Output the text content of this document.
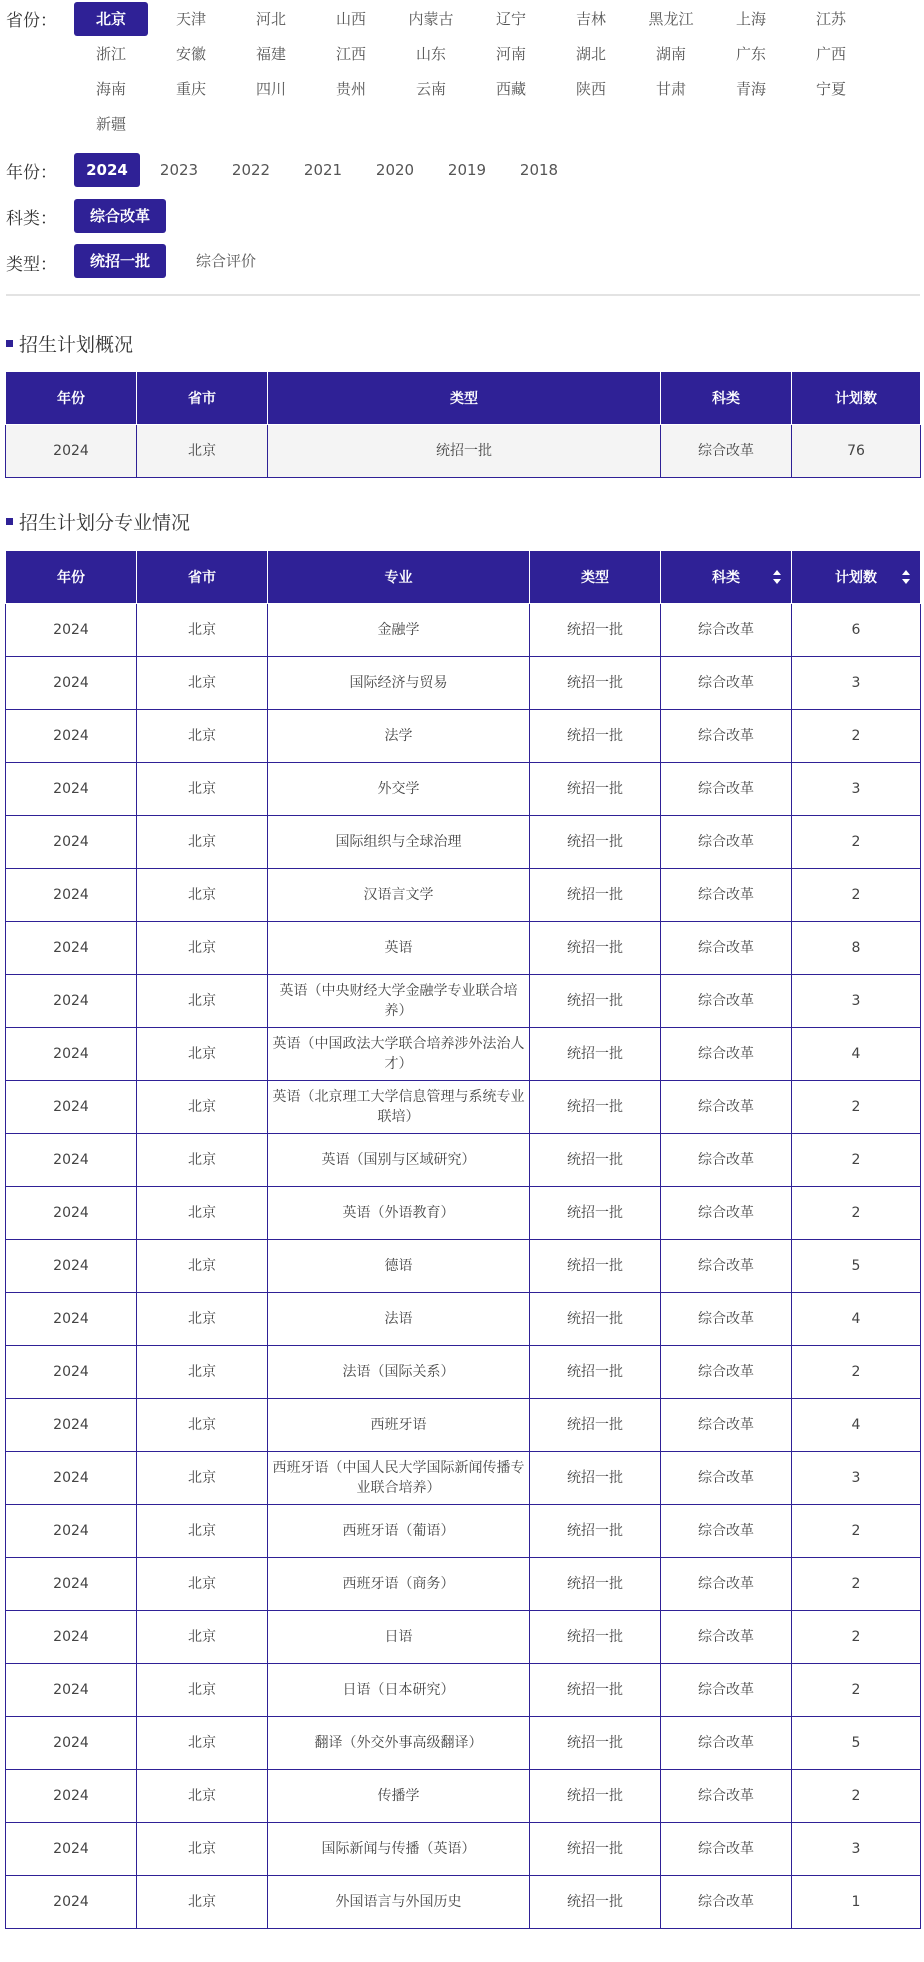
省份：	北京	天津	河北	山西	内蒙古	辽宁	吉林	黑龙江	上海	江苏
浙江	安徽	福建	江西	山东	河南	湖北	湖南	广东	广西
海南	重庆	四川	贵州	云南	西藏	陕西	甘肃	青海	宁夏
新疆
年份：	2024	2023	2022	2021	2020	2019	2018
科类：	综合改革
类型：	统招一批	综合评价
招生计划概况
年份	省市	类型	科类	计划数
2024	北京	统招一批	综合改革	76
招生计划分专业情况
年份	省市	专业	类型	科类	计划数

2024	北京	金融学	统招一批	综合改革	6
2024	北京	国际经济与贸易	统招一批	综合改革	3
2024	北京	法学	统招一批	综合改革	2
2024	北京	外交学	统招一批	综合改革	3
2024	北京	国际组织与全球治理	统招一批	综合改革	2
2024	北京	汉语言文学	统招一批	综合改革	2
2024	北京	英语	统招一批	综合改革	8
2024	北京	英语（中央财经大学金融学专业联合培养）	统招一批	综合改革	3
2024	北京	英语（中国政法大学联合培养涉外法治人才）	统招一批	综合改革	4
2024	北京	英语（北京理工大学信息管理与系统专业联培）	统招一批	综合改革	2
2024	北京	英语（国别与区域研究）	统招一批	综合改革	2
2024	北京	英语（外语教育）	统招一批	综合改革	2
2024	北京	德语	统招一批	综合改革	5
2024	北京	法语	统招一批	综合改革	4
2024	北京	法语（国际关系）	统招一批	综合改革	2
2024	北京	西班牙语	统招一批	综合改革	4
2024	北京	西班牙语（中国人民大学国际新闻传播专业联合培养）	统招一批	综合改革	3
2024	北京	西班牙语（葡语）	统招一批	综合改革	2
2024	北京	西班牙语（商务）	统招一批	综合改革	2
2024	北京	日语	统招一批	综合改革	2
2024	北京	日语（日本研究）	统招一批	综合改革	2
2024	北京	翻译（外交外事高级翻译）	统招一批	综合改革	5
2024	北京	传播学	统招一批	综合改革	2
2024	北京	国际新闻与传播（英语）	统招一批	综合改革	3
2024	北京	外国语言与外国历史	统招一批	综合改革	1
